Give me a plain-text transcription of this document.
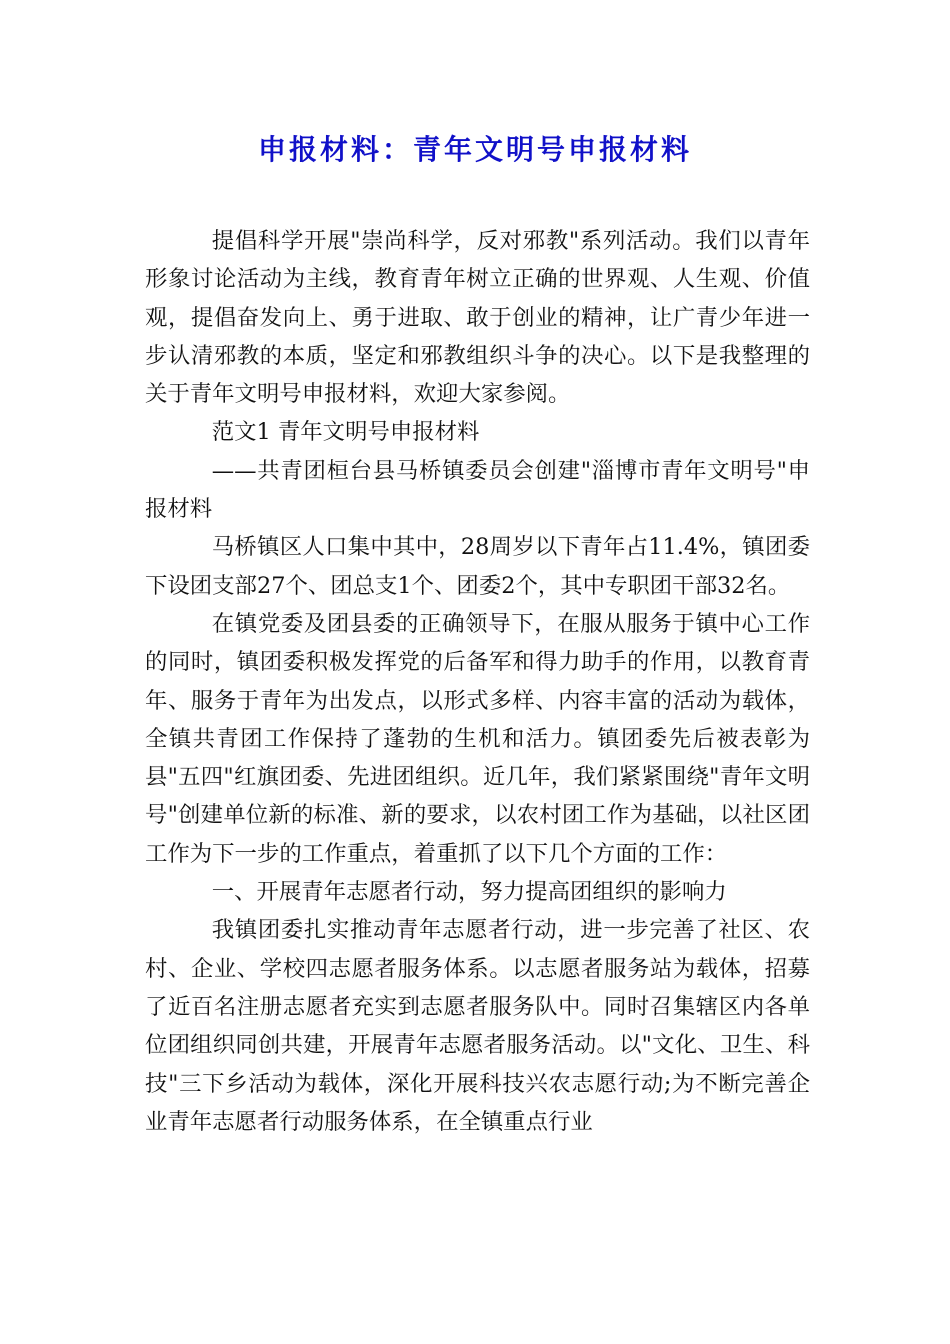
申报材料：青年文明号申报材料

提倡科学开展"崇尚科学，反对邪教"系列活动。我们以青年形象讨论活动为主线，教育青年树立正确的世界观、人生观、价值观，提倡奋发向上、勇于进取、敢于创业的精神，让广青少年进一步认清邪教的本质，坚定和邪教组织斗争的决心。以下是我整理的关于青年文明号申报材料，欢迎大家参阅。

范文1 青年文明号申报材料

——共青团桓台县马桥镇委员会创建"淄博市青年文明号"申报材料

马桥镇区人口集中其中，28周岁以下青年占11.4%，镇团委下设团支部27个、团总支1个、团委2个，其中专职团干部32名。

在镇党委及团县委的正确领导下，在服从服务于镇中心工作的同时，镇团委积极发挥党的后备军和得力助手的作用，以教育青年、服务于青年为出发点，以形式多样、内容丰富的活动为载体，全镇共青团工作保持了蓬勃的生机和活力。镇团委先后被表彰为县"五四"红旗团委、先进团组织。近几年，我们紧紧围绕"青年文明号"创建单位新的标准、新的要求，以农村团工作为基础，以社区团工作为下一步的工作重点，着重抓了以下几个方面的工作：

一、开展青年志愿者行动，努力提高团组织的影响力

我镇团委扎实推动青年志愿者行动，进一步完善了社区、农村、企业、学校四志愿者服务体系。以志愿者服务站为载体，招募了近百名注册志愿者充实到志愿者服务队中。同时召集辖区内各单位团组织同创共建，开展青年志愿者服务活动。以"文化、卫生、科技"三下乡活动为载体，深化开展科技兴农志愿行动;为不断完善企业青年志愿者行动服务体系，在全镇重点行业
